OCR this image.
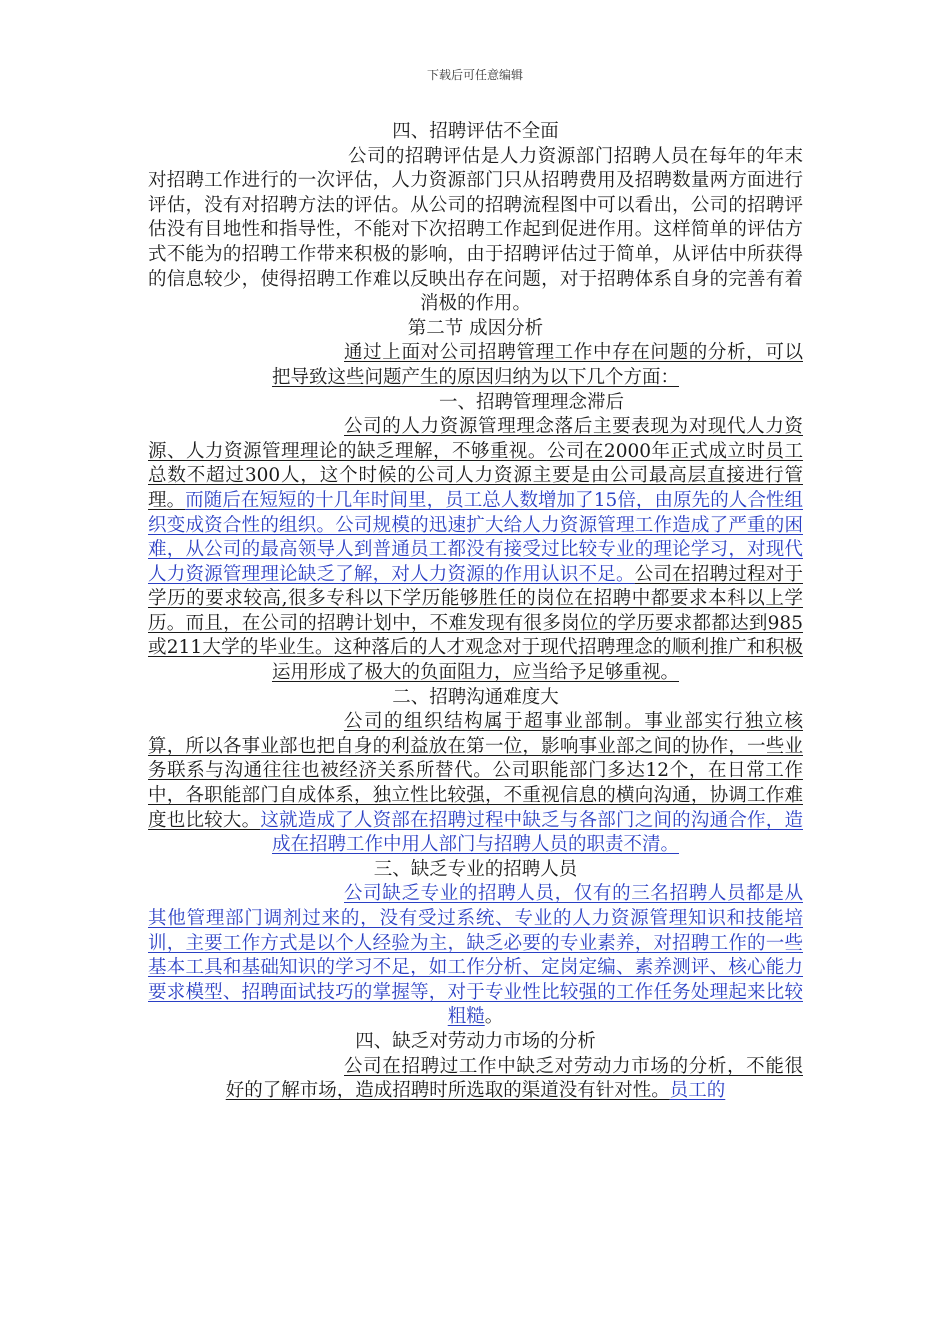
下载后可任意编辑
四、招聘评估不全面

公司的招聘评估是人力资源部门招聘人员在每年的年末对招聘工作进行的一次评估，人力资源部门只从招聘费用及招聘数量两方面进行评估，没有对招聘方法的评估。从公司的招聘流程图中可以看出，公司的招聘评估没有目地性和指导性，不能对下次招聘工作起到促进作用。这样简单的评估方式不能为的招聘工作带来积极的影响，由于招聘评估过于简单，从评估中所获得的信息较少，使得招聘工作难以反映出存在问题，对于招聘体系自身的完善有着消极的作用。

第二节 成因分析

通过上面对公司招聘管理工作中存在问题的分析，可以把导致这些问题产生的原因归纳为以下几个方面：

一、招聘管理理念滞后

公司的人力资源管理理念落后主要表现为对现代人力资源、人力资源管理理论的缺乏理解，不够重视。公司在2000年正式成立时员工总数不超过300人，这个时候的公司人力资源主要是由公司最高层直接进行管理。而随后在短短的十几年时间里，员工总人数增加了15倍，由原先的人合性组织变成资合性的组织。公司规模的迅速扩大给人力资源管理工作造成了严重的困难，从公司的最高领导人到普通员工都没有接受过比较专业的理论学习，对现代人力资源管理理论缺乏了解，对人力资源的作用认识不足。公司在招聘过程对于学历的要求较高,很多专科以下学历能够胜任的岗位在招聘中都要求本科以上学历。而且，在公司的招聘计划中，不难发现有很多岗位的学历要求都都达到985或211大学的毕业生。这种落后的人才观念对于现代招聘理念的顺利推广和积极运用形成了极大的负面阻力，应当给予足够重视。

二、招聘沟通难度大

公司的组织结构属于超事业部制。事业部实行独立核算，所以各事业部也把自身的利益放在第一位，影响事业部之间的协作，一些业务联系与沟通往往也被经济关系所替代。公司职能部门多达12个，在日常工作中，各职能部门自成体系，独立性比较强，不重视信息的横向沟通，协调工作难度也比较大。这就造成了人资部在招聘过程中缺乏与各部门之间的沟通合作，造成在招聘工作中用人部门与招聘人员的职责不清。

三、缺乏专业的招聘人员

公司缺乏专业的招聘人员，仅有的三名招聘人员都是从其他管理部门调剂过来的，没有受过系统、专业的人力资源管理知识和技能培训，主要工作方式是以个人经验为主，缺乏必要的专业素养，对招聘工作的一些基本工具和基础知识的学习不足，如工作分析、定岗定编、素养测评、核心能力要求模型、招聘面试技巧的掌握等，对于专业性比较强的工作任务处理起来比较粗糙。

四、缺乏对劳动力市场的分析

公司在招聘过工作中缺乏对劳动力市场的分析，不能很好的了解市场，造成招聘时所选取的渠道没有针对性。员工的
